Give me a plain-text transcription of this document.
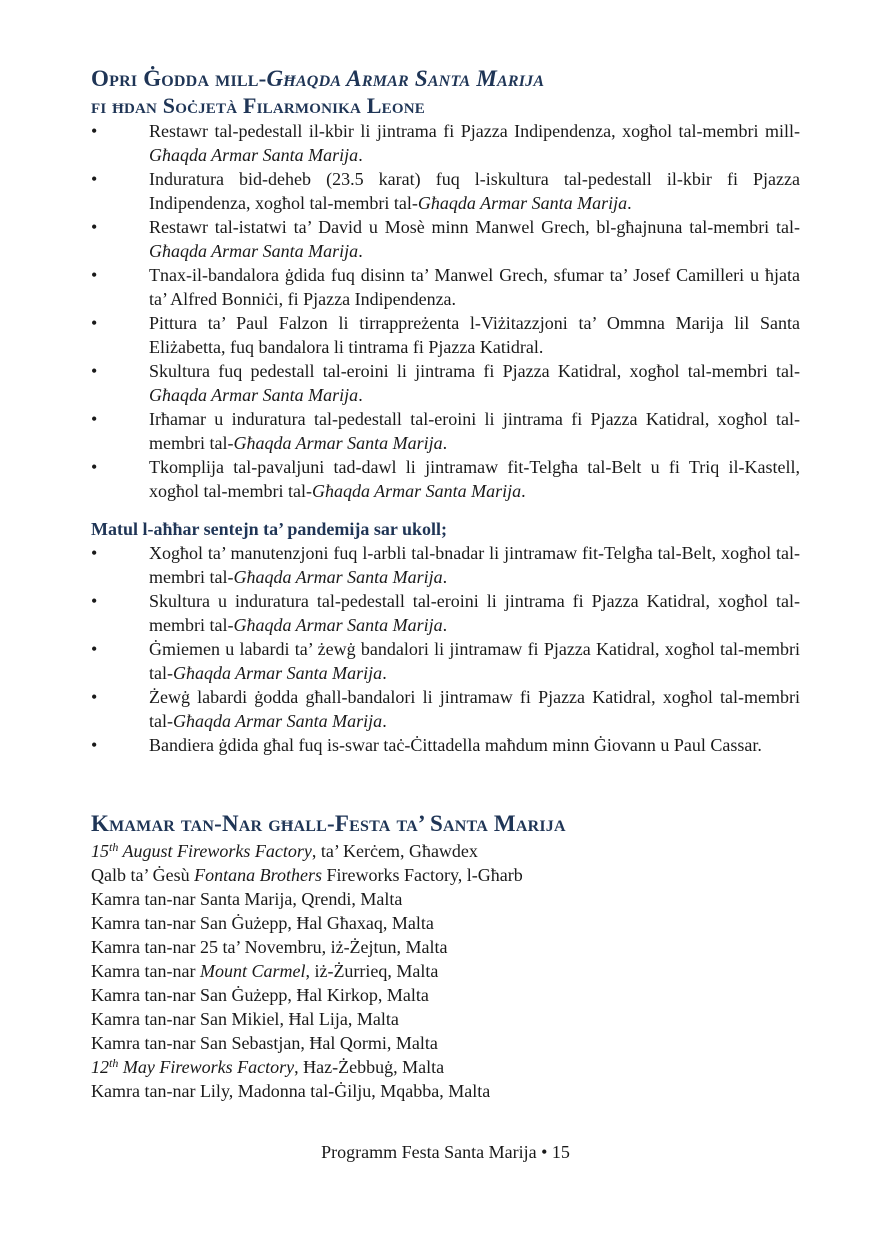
Opri Ġodda mill-Għaqda Armar Santa Marija
fi ħdan Soċjetà Filarmonika Leone
•	Restawr tal-pedestall il-kbir li jintrama fi Pjazza Indipendenza, xogħol tal-membri mill-Għaqda Armar Santa Marija.
•	Induratura bid-deheb (23.5 karat) fuq l-iskultura tal-pedestall il-kbir fi Pjazza Indipendenza, xogħol tal-membri tal-Għaqda Armar Santa Marija.
•	Restawr tal-istatwi ta’ David u Mosè minn Manwel Grech, bl-għajnuna tal-membri tal-Għaqda Armar Santa Marija.
•	Tnax-il-bandalora ġdida fuq disinn ta’ Manwel Grech, sfumar ta’ Josef Camilleri u ħjata ta’ Alfred Bonniċi, fi Pjazza Indipendenza.
•	Pittura ta’ Paul Falzon li tirrappreżenta l-Viżitazzjoni ta’ Ommna Marija lil Santa Eliżabetta, fuq bandalora li tintrama fi Pjazza Katidral.
•	Skultura fuq pedestall tal-eroini li jintrama fi Pjazza Katidral, xogħol tal-membri tal-Għaqda Armar Santa Marija.
•	Irħamar u induratura tal-pedestall tal-eroini li jintrama fi Pjazza Katidral, xogħol tal-membri tal-Għaqda Armar Santa Marija.
•	Tkomplija tal-pavaljuni tad-dawl li jintramaw fit-Telgħa tal-Belt u fi Triq il-Kastell, xogħol tal-membri tal-Għaqda Armar Santa Marija.
Matul l-aħħar sentejn ta’ pandemija sar ukoll;
•	Xogħol ta’ manutenzjoni fuq l-arbli tal-bnadar li jintramaw fit-Telgħa tal-Belt, xogħol tal-membri tal-Għaqda Armar Santa Marija.
•	Skultura u induratura tal-pedestall tal-eroini li jintrama fi Pjazza Katidral, xogħol tal-membri tal-Għaqda Armar Santa Marija.
•	Ġmiemen u labardi ta’ żewġ bandalori li jintramaw fi Pjazza Katidral, xogħol tal-membri tal-Għaqda Armar Santa Marija.
•	Żewġ labardi ġodda għall-bandalori li jintramaw fi Pjazza Katidral, xogħol tal-membri tal-Għaqda Armar Santa Marija.
•	Bandiera ġdida għal fuq is-swar taċ-Ċittadella maħdum minn Ġiovann u Paul Cassar.
Kmamar tan-Nar għall-Festa ta’ Santa Marija
15th August Fireworks Factory, ta’ Kerċem, Għawdex
Qalb ta’ Ġesù Fontana Brothers Fireworks Factory, l-Għarb
Kamra tan-nar Santa Marija, Qrendi, Malta
Kamra tan-nar San Ġużepp, Ħal Għaxaq, Malta
Kamra tan-nar 25 ta’ Novembru, iż-Żejtun, Malta
Kamra tan-nar Mount Carmel, iż-Żurrieq, Malta
Kamra tan-nar San Ġużepp, Ħal Kirkop, Malta
Kamra tan-nar San Mikiel, Ħal Lija, Malta
Kamra tan-nar San Sebastjan, Ħal Qormi, Malta
12th May Fireworks Factory, Ħaz-Żebbuġ, Malta
Kamra tan-nar Lily, Madonna tal-Ġilju, Mqabba, Malta
Programm Festa Santa Marija • 15
